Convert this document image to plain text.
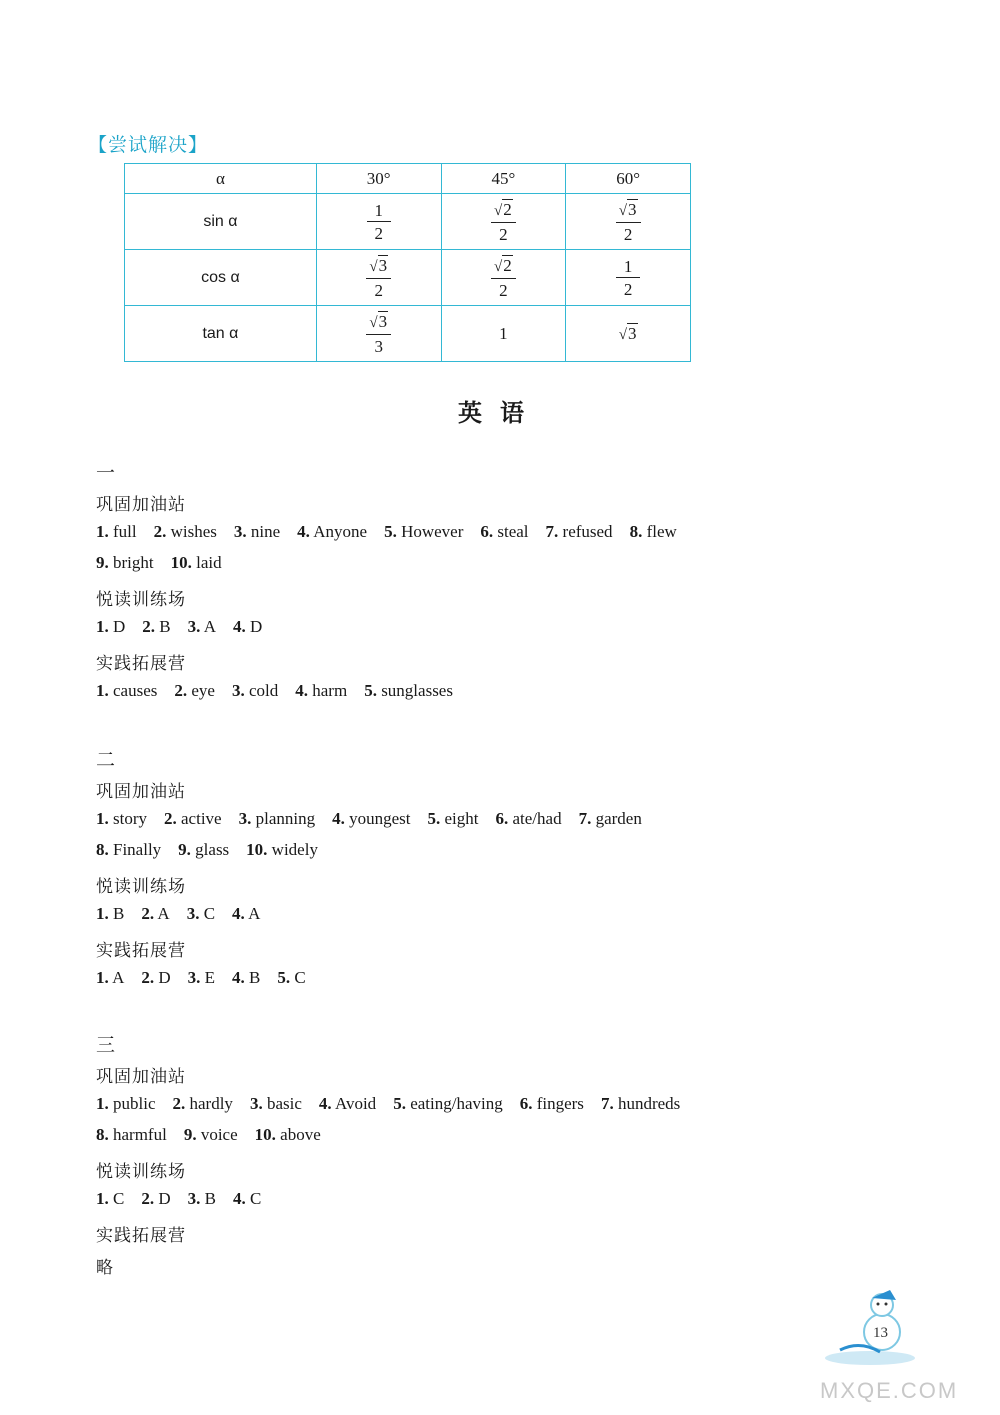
【尝试解决】
α	30°	45°	60°
sin α	$\frac{1}{2}$	$\frac{√2}{2}$	$\frac{√3}{2}$

cos α	$\frac{√3}{2}$	$\frac{√2}{2}$	$\frac{1}{2}$

tan α	$\frac{√3}{3}$	1	√3
英语
一
巩固加油站
1. full 2. wishes 3. nine 4. Anyone 5. However 6. steal 7. refused 8. flew
9. bright 10. laid
悦读训练场
1. D 2. B 3. A 4. D
实践拓展营
1. causes 2. eye 3. cold 4. harm 5. sunglasses
二
巩固加油站
1. story 2. active 3. planning 4. youngest 5. eight 6. ate/had 7. garden
8. Finally 9. glass 10. widely
悦读训练场
1. B 2. A 3. C 4. A
实践拓展营
1. A 2. D 3. E 4. B 5. C
三
巩固加油站
1. public 2. hardly 3. basic 4. Avoid 5. eating/having 6. fingers 7. hundreds
8. harmful 9. voice 10. above
悦读训练场
1. C 2. D 3. B 4. C
实践拓展营
略
13
MXQE.COM
